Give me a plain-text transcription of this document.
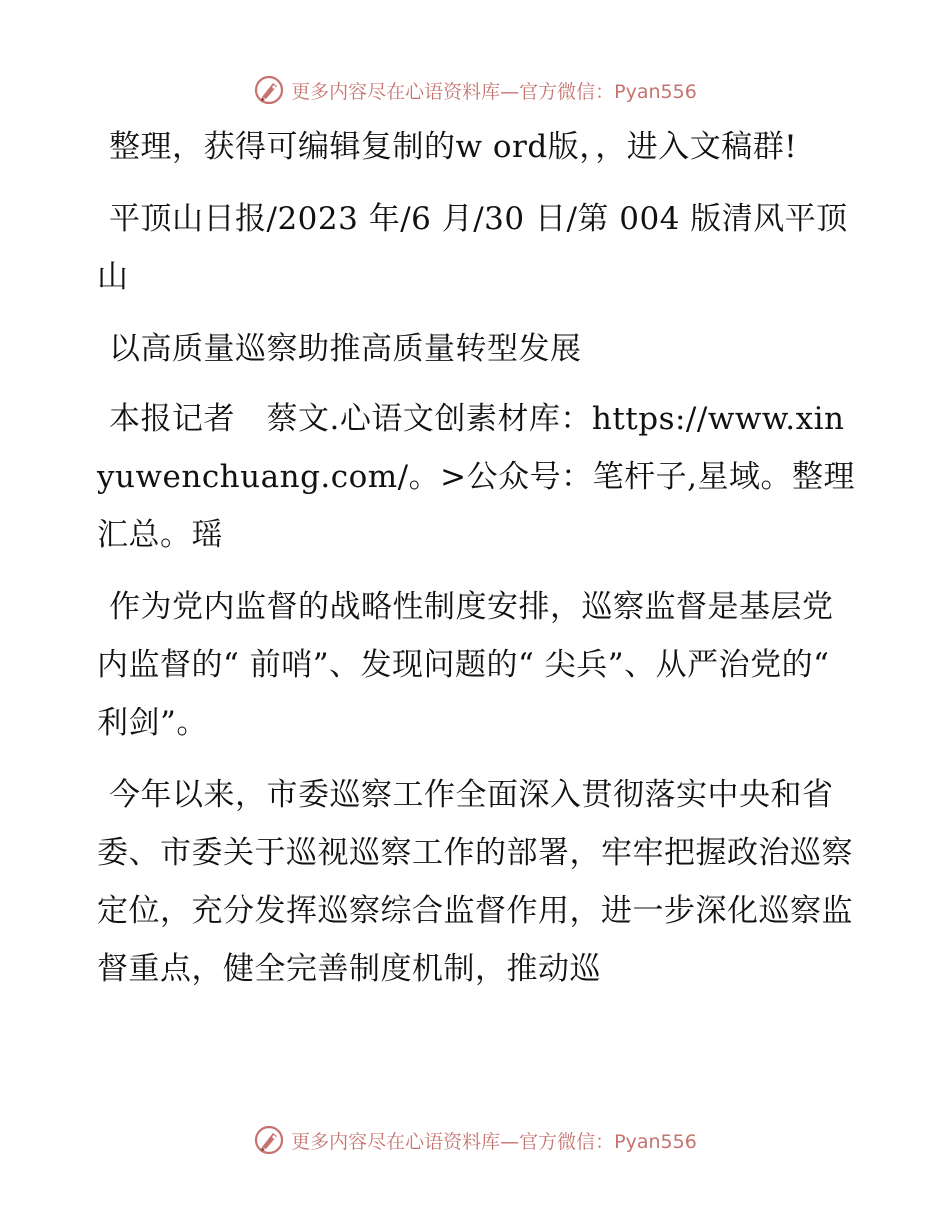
更多内容尽在心语资料库—官方微信：Pyan556

整理，获得可编辑复制的w ord版，，进入文稿群!

平顶山日报/2023 年/6 月/30 日/第 004 版清风平顶山

以高质量巡察助推高质量转型发展

本报记者　蔡文.心语文创素材库：https://www.xinyuwenchuang.com/。>公众号：笔杆子,星域。整理汇总。瑶

作为党内监督的战略性制度安排，巡察监督是基层党内监督的“ 前哨”、发现问题的“ 尖兵”、从严治党的“ 利剑”。

今年以来，市委巡察工作全面深入贯彻落实中央和省委、市委关于巡视巡察工作的部署，牢牢把握政治巡察定位，充分发挥巡察综合监督作用，进一步深化巡察监督重点，健全完善制度机制，推动巡

更多内容尽在心语资料库—官方微信：Pyan556
